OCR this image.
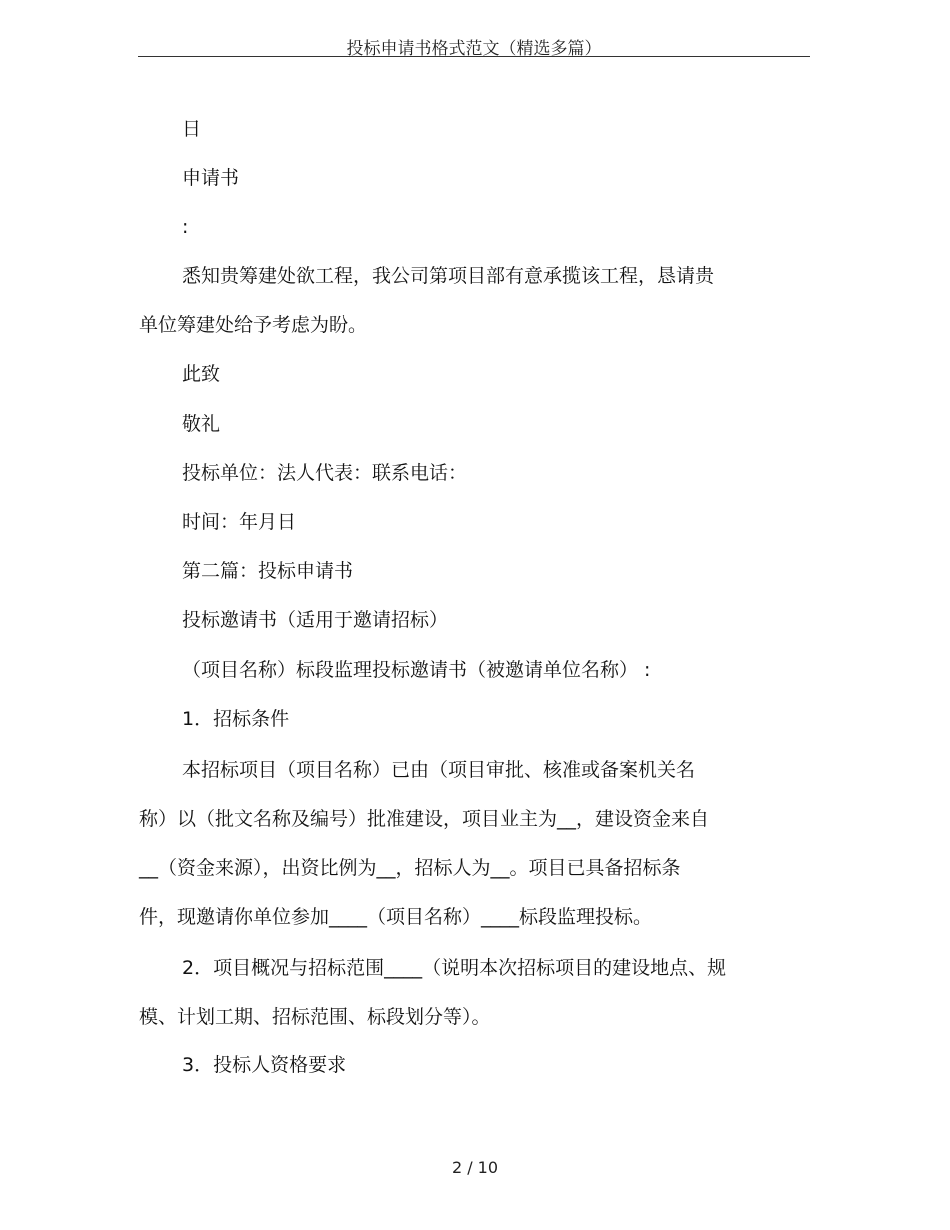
投标申请书格式范文（精选多篇）
日
申请书
:
悉知贵筹建处欲工程，我公司第项目部有意承揽该工程，恳请贵
单位筹建处给予考虑为盼。
此致
敬礼
投标单位：法人代表：联系电话：
时间：年月日
第二篇：投标申请书
投标邀请书（适用于邀请招标）
（项目名称）标段监理投标邀请书（被邀请单位名称） :
1．招标条件
本招标项目（项目名称）已由（项目审批、核准或备案机关名
称）以（批文名称及编号）批准建设，项目业主为__，建设资金来自
__（资金来源），出资比例为__，招标人为__。项目已具备招标条
件，现邀请你单位参加____（项目名称）____标段监理投标。
2．项目概况与招标范围____（说明本次招标项目的建设地点、规
模、计划工期、招标范围、标段划分等）。
3．投标人资格要求
2 / 10
